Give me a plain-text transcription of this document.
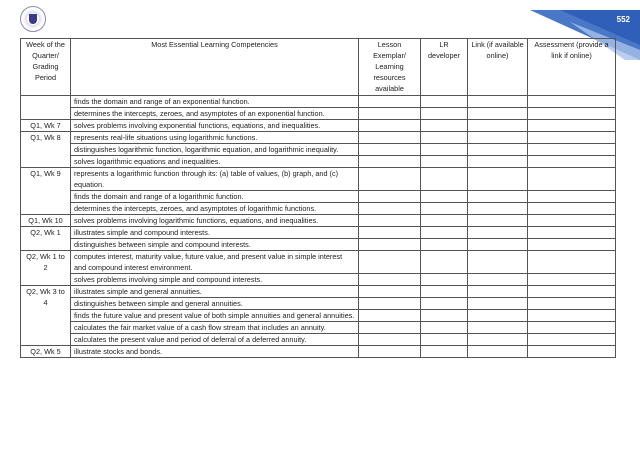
552
Week of the Quarter/ Grading Period	Most Essential Learning Competencies	Lesson Exemplar/ Learning resources available	LR developer	Link (if available online)	Assessment (provide a link if online)
	finds the domain and range of an exponential function.				
	determines the intercepts, zeroes, and asymptotes of an exponential function.				
Q1, Wk 7	solves problems involving exponential functions, equations, and inequalities.				
Q1, Wk 8	represents real-life situations using logarithmic functions.				
	distinguishes logarithmic function, logarithmic equation, and logarithmic inequality.				
	solves logarithmic equations and inequalities.				
Q1, Wk 9	represents a logarithmic function through its: (a) table of values, (b) graph, and (c) equation.				
	finds the domain and range of a logarithmic function.				
	determines the intercepts, zeroes, and asymptotes of logarithmic functions.				
Q1, Wk 10	solves problems involving logarithmic functions, equations, and inequalities.				
Q2, Wk 1	illustrates simple and compound interests.				
	distinguishes between simple and compound interests.				
Q2, Wk 1 to 2	computes interest, maturity value, future value, and present value in simple interest and compound interest environment.				
	solves problems involving simple and compound interests.				
Q2, Wk 3 to 4	illustrates simple and general annuities.				
	distinguishes between simple and general annuities.				
	finds the future value and present value of both simple annuities and general annuities.				
	calculates the fair market value of a cash flow stream that includes an annuity.				
	calculates the present value and period of deferral of a deferred annuity.				
Q2, Wk 5	illustrate stocks and bonds.				
